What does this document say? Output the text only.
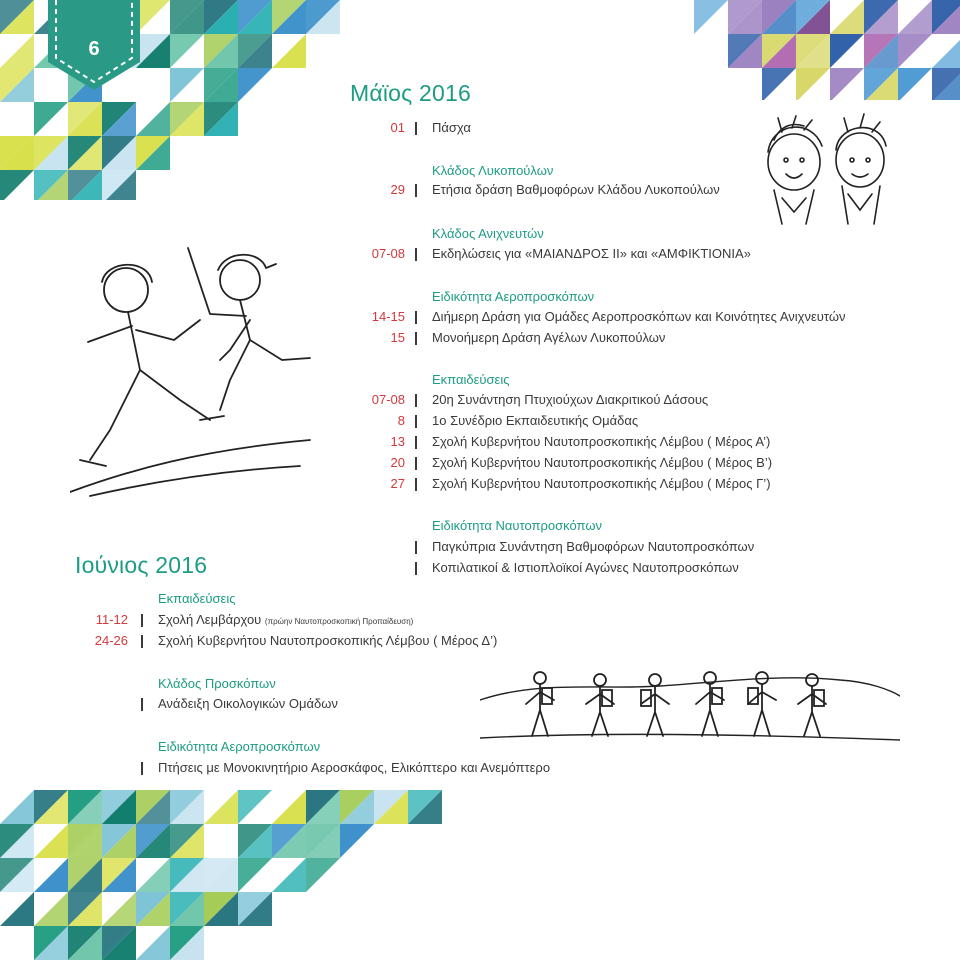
6
Μάϊος 2016
01 Πάσχα
Κλάδος Λυκοπούλων
29 Ετήσια δράση Βαθμοφόρων Κλάδου Λυκοπούλων
Κλάδος Ανιχνευτών
07-08 Εκδηλώσεις για «ΜΑΙΑΝΔΡΟΣ ΙΙ» και «ΑΜΦΙΚΤΙΟΝΙΑ»
Ειδικότητα Αεροπροσκόπων
14-15 Διήμερη Δράση για Ομάδες Αεροπροσκόπων και Κοινότητες Ανιχνευτών
15 Μονοήμερη Δράση Αγέλων Λυκοπούλων
Εκπαιδεύσεις
07-08 20η Συνάντηση Πτυχιούχων Διακριτικού Δάσους
8 1ο Συνέδριο Εκπαιδευτικής Ομάδας
13 Σχολή Κυβερνήτου Ναυτοπροσκοπικής Λέμβου ( Μέρος Α’)
20 Σχολή Κυβερνήτου Ναυτοπροσκοπικής Λέμβου ( Μέρος Β’)
27 Σχολή Κυβερνήτου Ναυτοπροσκοπικής Λέμβου ( Μέρος Γ’)
Ειδικότητα Ναυτοπροσκόπων
Παγκύπρια Συνάντηση Βαθμοφόρων Ναυτοπροσκόπων
Κοπιλατικοί & Ιστιοπλοϊκοί Αγώνες Ναυτοπροσκόπων
Ιούνιος 2016
Εκπαιδεύσεις
11-12 Σχολή Λεμβάρχου (πρώην Ναυτοπροσκοπική Προπαίδευση)
24-26 Σχολή Κυβερνήτου Ναυτοπροσκοπικής Λέμβου ( Μέρος Δ’)
Κλάδος Προσκόπων
Ανάδειξη Οικολογικών Ομάδων
Ειδικότητα Αεροπροσκόπων
Πτήσεις με Μονοκινητήριο Αεροσκάφος, Ελικόπτερο και Ανεμόπτερο
